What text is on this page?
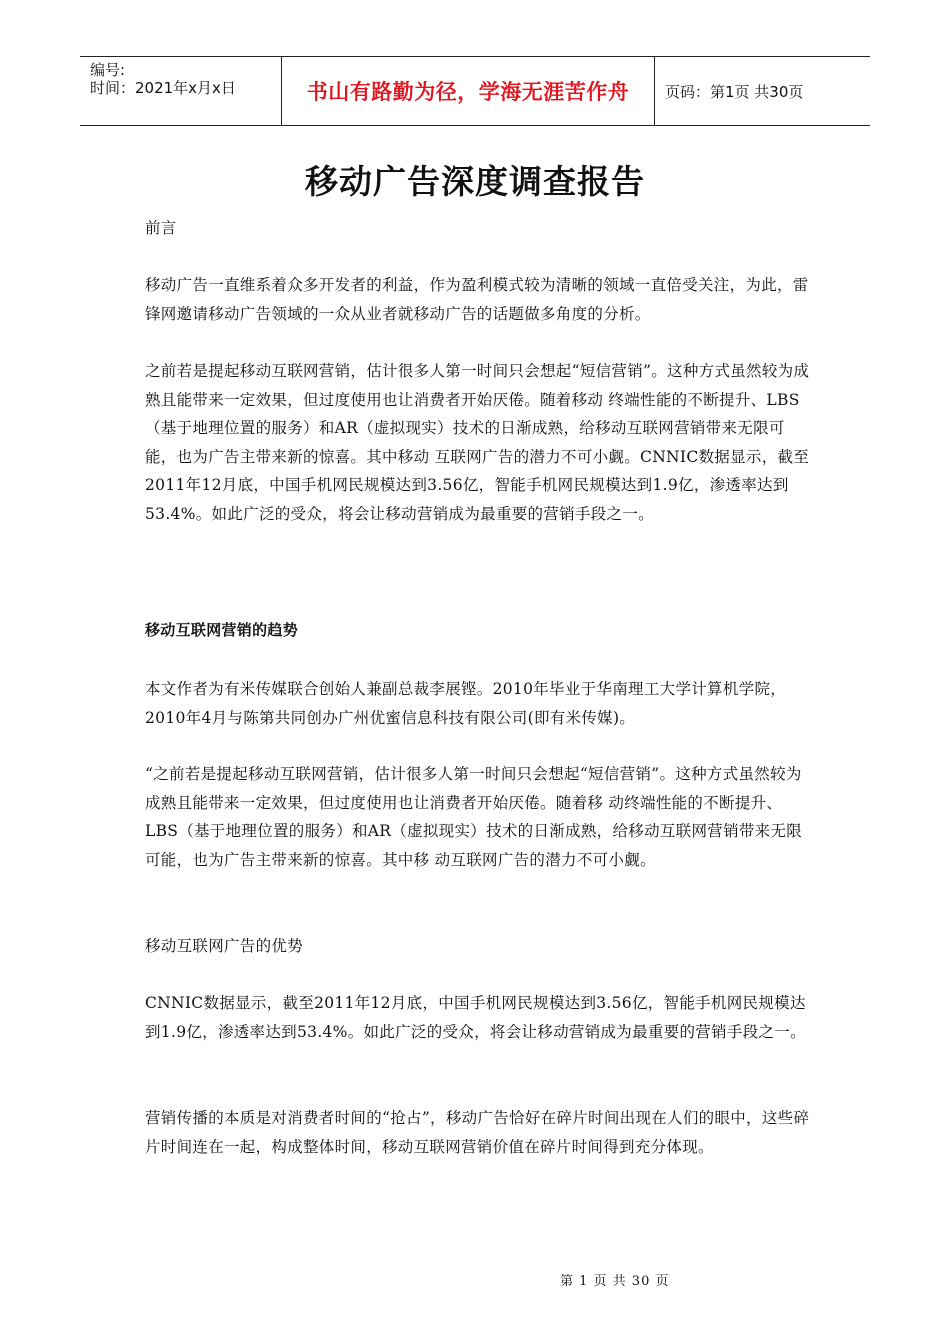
编号:
时间：2021年x月x日	书山有路勤为径，学海无涯苦作舟 页码：第1页 共30页
移动广告深度调查报告

前言

移动广告一直维系着众多开发者的利益，作为盈利模式较为清晰的领域一直倍受关注，为此，雷锋网邀请移动广告领域的一众从业者就移动广告的话题做多角度的分析。

之前若是提起移动互联网营销，估计很多人第一时间只会想起“短信营销”。这种方式虽然较为成熟且能带来一定效果，但过度使用也让消费者开始厌倦。随着移动 终端性能的不断提升、LBS（基于地理位置的服务）和AR（虚拟现实）技术的日渐成熟，给移动互联网营销带来无限可能，也为广告主带来新的惊喜。其中移动 互联网广告的潜力不可小觑。CNNIC数据显示，截至2011年12月底，中国手机网民规模达到3.56亿，智能手机网民规模达到1.9亿，渗透率达到 53.4%。如此广泛的受众，将会让移动营销成为最重要的营销手段之一。

移动互联网营销的趋势

本文作者为有米传媒联合创始人兼副总裁李展铿。2010年毕业于华南理工大学计算机学院，2010年4月与陈第共同创办广州优蜜信息科技有限公司(即有米传媒)。

“之前若是提起移动互联网营销，估计很多人第一时间只会想起“短信营销”。这种方式虽然较为成熟且能带来一定效果，但过度使用也让消费者开始厌倦。随着移 动终端性能的不断提升、LBS（基于地理位置的服务）和AR（虚拟现实）技术的日渐成熟，给移动互联网营销带来无限可能，也为广告主带来新的惊喜。其中移 动互联网广告的潜力不可小觑。

移动互联网广告的优势

CNNIC数据显示，截至2011年12月底，中国手机网民规模达到3.56亿，智能手机网民规模达到1.9亿，渗透率达到53.4%。如此广泛的受众，将会让移动营销成为最重要的营销手段之一。

营销传播的本质是对消费者时间的“抢占”，移动广告恰好在碎片时间出现在人们的眼中，这些碎片时间连在一起，构成整体时间，移动互联网营销价值在碎片时间得到充分体现。

第 1 页 共 30 页
